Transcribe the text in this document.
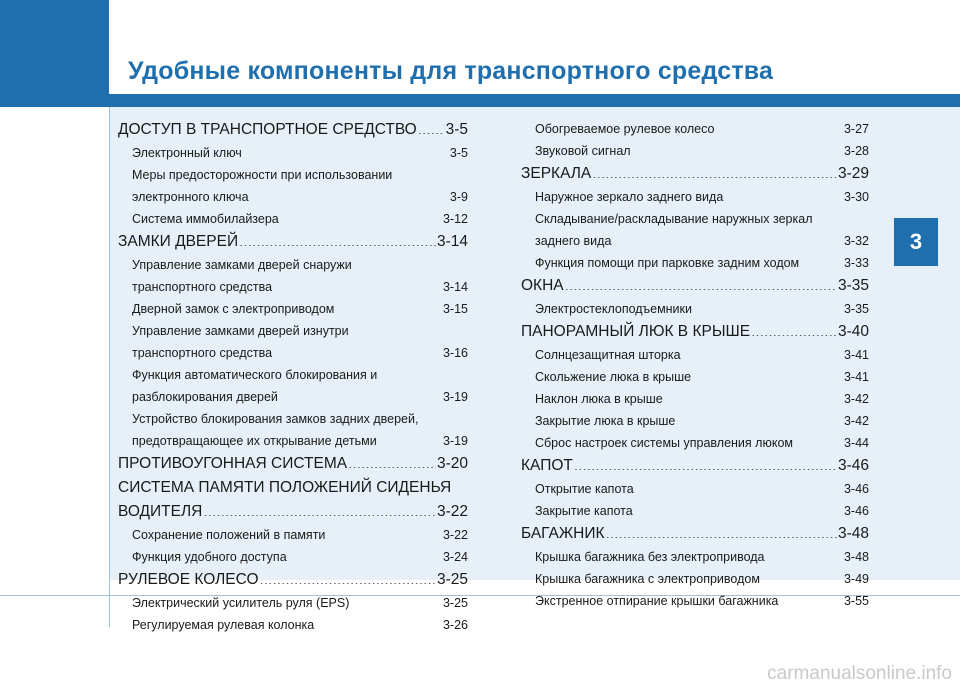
Удобные компоненты для транспортного средства
3
ДОСТУП В ТРАНСПОРТНОЕ СРЕДСТВО ..... 3-5
Электронный ключ .....	3-5
Меры предосторожности при использовании
электронного ключа .....	3-9
Система иммобилайзера .....	3-12
ЗАМКИ ДВЕРЕЙ .....	3-14
Управление замками дверей снаружи
транспортного средства .....	3-14
Дверной замок с электроприводом .....	3-15
Управление замками дверей изнутри
транспортного средства .....	3-16
Функция автоматического блокирования и
разблокирования дверей .....	3-19
Устройство блокирования замков задних дверей,
предотвращающее их открывание детьми .....	3-19
ПРОТИВОУГОННАЯ СИСТЕМА .....	3-20
СИСТЕМА ПАМЯТИ ПОЛОЖЕНИЙ СИДЕНЬЯ
ВОДИТЕЛЯ .....	3-22
Сохранение положений в памяти .....	3-22
Функция удобного доступа .....	3-24
РУЛЕВОЕ КОЛЕСО .....	3-25
Электрический усилитель руля (EPS) .....	3-25
Регулируемая рулевая колонка .....	3-26
Обогреваемое рулевое колесо .....	3-27
Звуковой сигнал .....	3-28
ЗЕРКАЛА .....	3-29
Наружное зеркало заднего вида .....	3-30
Складывание/раскладывание наружных зеркал
заднего вида .....	3-32
Функция помощи при парковке задним ходом .....	3-33
ОКНА .....	3-35
Электростеклоподъемники .....	3-35
ПАНОРАМНЫЙ ЛЮК В КРЫШЕ .....	3-40
Солнцезащитная шторка .....	3-41
Скольжение люка в крыше .....	3-41
Наклон люка в крыше .....	3-42
Закрытие люка в крыше .....	3-42
Сброс настроек системы управления люком .....	3-44
КАПОТ .....	3-46
Открытие капота .....	3-46
Закрытие капота .....	3-46
БАГАЖНИК .....	3-48
Крышка багажника без электропривода .....	3-48
Крышка багажника с электроприводом .....	3-49
Экстренное отпирание крышки багажника .....	3-55
carmanualsonline.info
